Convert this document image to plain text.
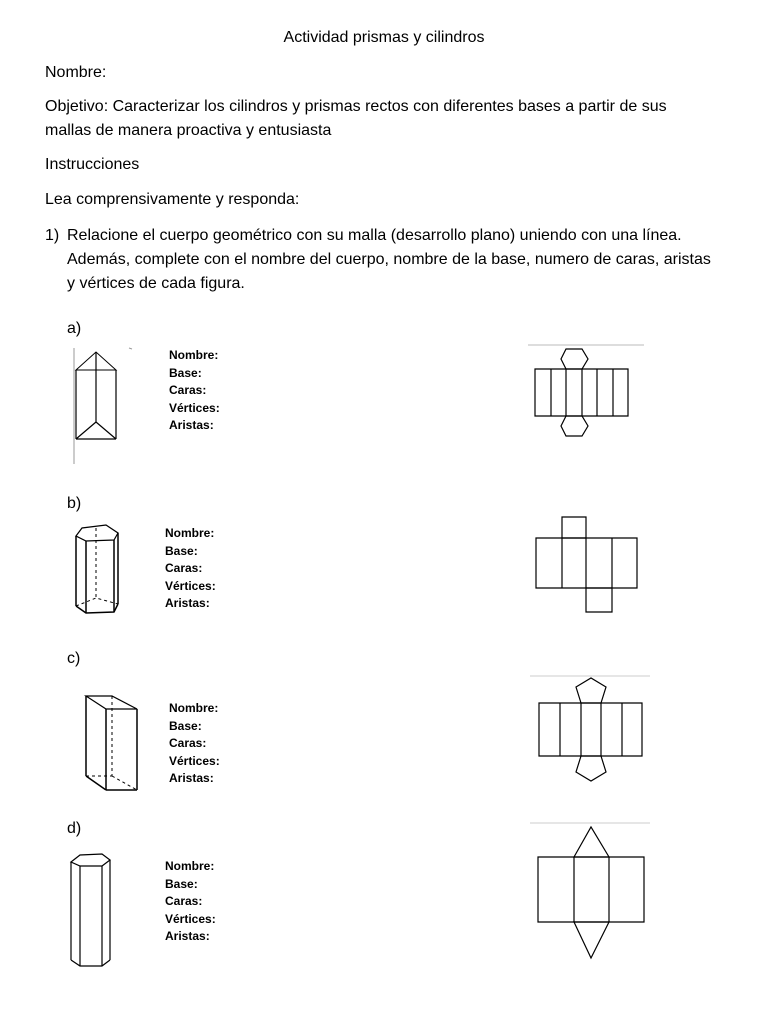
Actividad prismas y cilindros
Nombre:
Objetivo: Caracterizar los cilindros y prismas rectos con diferentes bases a partir de sus
mallas de manera proactiva y entusiasta
Instrucciones
Lea comprensivamente y responda:
1) Relacione el cuerpo geométrico con su malla (desarrollo plano) uniendo con una línea.
Además, complete con el nombre del cuerpo, nombre de la base, numero de caras, aristas
y vértices de cada figura.
a)
Nombre:
Base:
Caras:
Vértices:
Aristas:
b)
Nombre:
Base:
Caras:
Vértices:
Aristas:
c)
Nombre:
Base:
Caras:
Vértices:
Aristas:
d)
Nombre:
Base:
Caras:
Vértices:
Aristas:
